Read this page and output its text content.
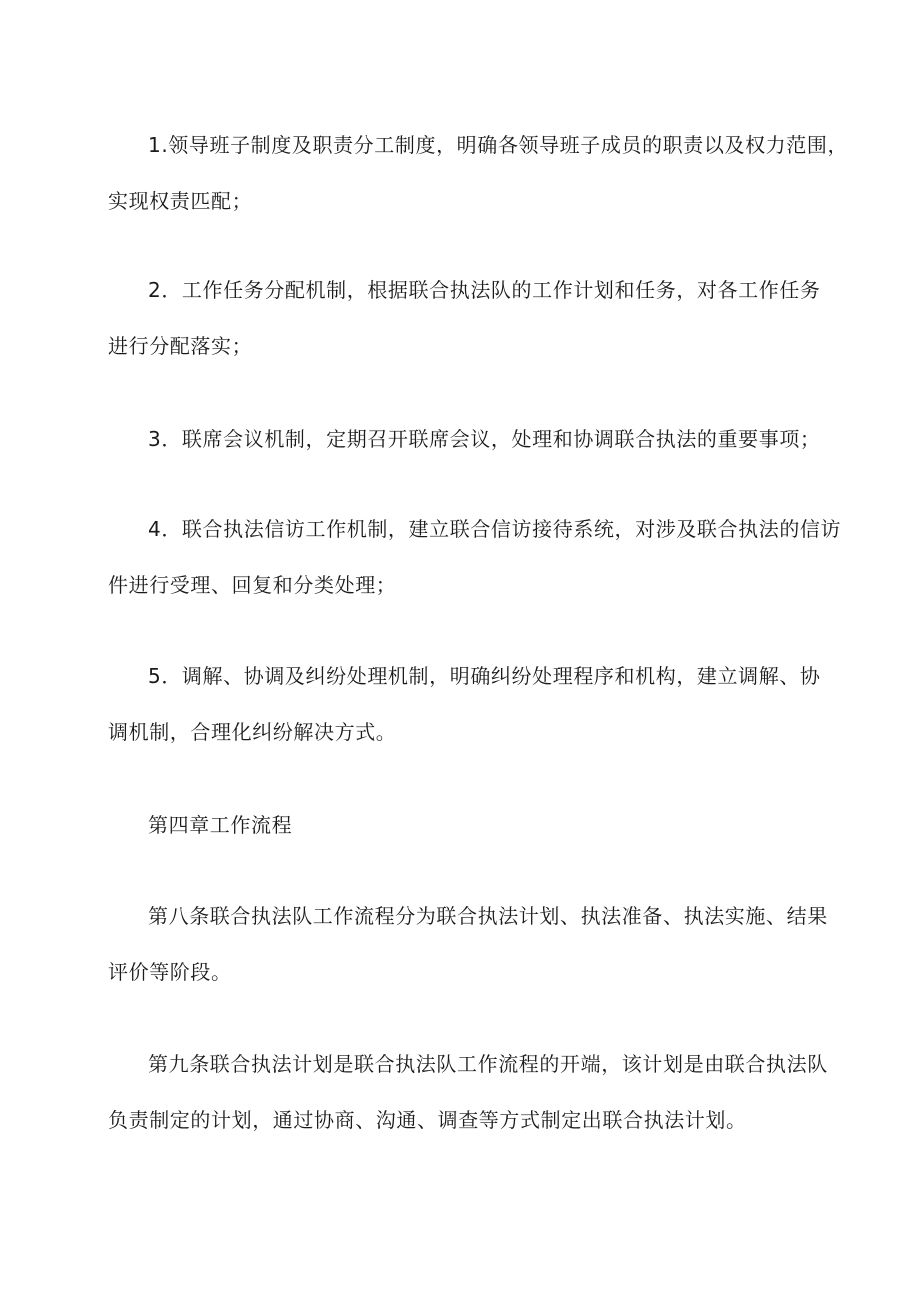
1.领导班子制度及职责分工制度，明确各领导班子成员的职责以及权力范围，
实现权责匹配；
2．工作任务分配机制，根据联合执法队的工作计划和任务，对各工作任务
进行分配落实；
3．联席会议机制，定期召开联席会议，处理和协调联合执法的重要事项；
4．联合执法信访工作机制，建立联合信访接待系统，对涉及联合执法的信访
件进行受理、回复和分类处理；
5．调解、协调及纠纷处理机制，明确纠纷处理程序和机构，建立调解、协
调机制，合理化纠纷解决方式。
第四章工作流程
第八条联合执法队工作流程分为联合执法计划、执法准备、执法实施、结果
评价等阶段。
第九条联合执法计划是联合执法队工作流程的开端，该计划是由联合执法队
负责制定的计划，通过协商、沟通、调查等方式制定出联合执法计划。
